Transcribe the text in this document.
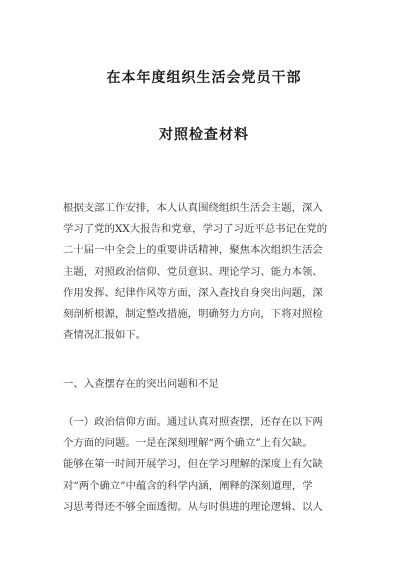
在本年度组织生活会党员干部
对照检查材料
根据支部工作安排，本人认真围绕组织生活会主题，深入
学习了党的XX大报告和党章，学习了习近平总书记在党的
二十届一中全会上的重要讲话精神，聚焦本次组织生活会
主题，对照政治信仰、党员意识、理论学习、能力本领、
作用发挥、纪律作风等方面，深入查找自身突出问题，深
刻剖析根源，制定整改措施，明确努力方向，下将对照检
查情况汇报如下。
一、入查摆存在的突出问题和不足
（一）政治信仰方面。通过认真对照查摆，还存在以下两
个方面的问题。一是在深刻理解“两个确立”上有欠缺。
能够在第一时间开展学习，但在学习理解的深度上有欠缺
对“两个确立”中蕴含的科学内涵，阐释的深刻道理，学
习思考得还不够全面透彻。从与时俱进的理论逻辑、以人
